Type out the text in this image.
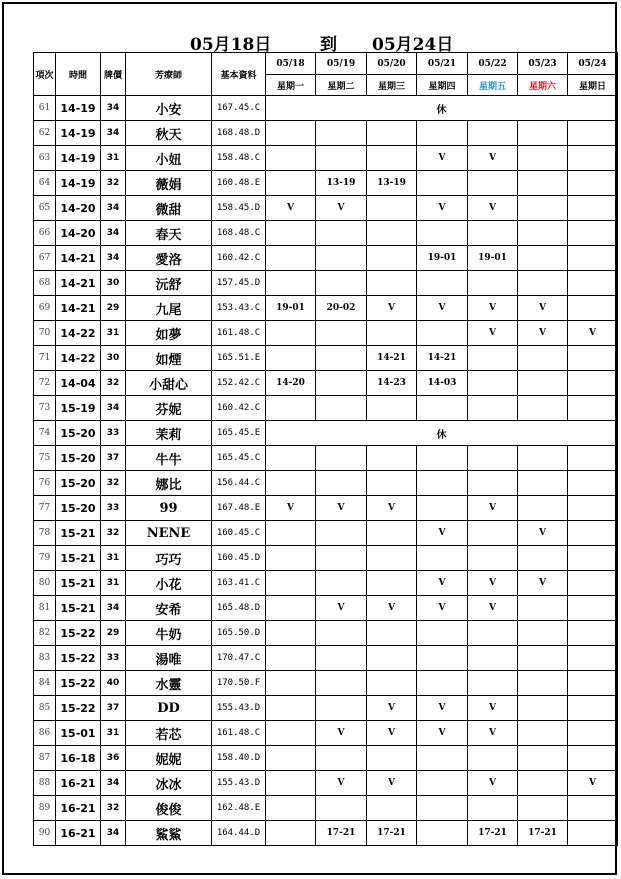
05月18日	到 05月24日
項次	時間	牌價	芳療師	基本資料	05/18	05/19	05/20	05/21	05/22	05/23	05/24
					星期一	星期二	星期三	星期四	星期五	星期六	星期日
61	14-19	34	小安	167.45.C	休						
62	14-19	34	秋天	168.48.D							
63	14-19	31	小妞	158.48.C				V	V		
64	14-19	32	薇娟	160.48.E		13-19	13-19				
65	14-20	34	微甜	158.45.D	V	V		V	V		
66	14-20	34	春天	168.48.C							
67	14-21	34	愛洛	160.42.C				19-01	19-01		
68	14-21	30	沅舒	157.45.D							
69	14-21	29	九尾	153.43.C	19-01	20-02	V	V	V	V	
70	14-22	31	如夢	161.48.C					V	V	V
71	14-22	30	如煙	165.51.E			14-21	14-21			
72	14-04	32	小甜心	152.42.C	14-20		14-23	14-03			
73	15-19	34	芬妮	160.42.C							
74	15-20	33	茉莉	165.45.E	休						
75	15-20	37	牛牛	165.45.C							
76	15-20	32	娜比	156.44.C							
77	15-20	33	99	167.48.E	V	V	V		V		
78	15-21	32	NENE	160.45.C				V		V	
79	15-21	31	巧巧	160.45.D							
80	15-21	31	小花	163.41.C				V	V	V	
81	15-21	34	安希	165.48.D		V	V	V	V		
82	15-22	29	牛奶	165.50.D							
83	15-22	33	湯唯	170.47.C							
84	15-22	40	水靈	170.50.F							
85	15-22	37	DD	155.43.D			V	V	V		
86	15-01	31	若芯	161.48.C		V	V	V	V		
87	16-18	36	妮妮	158.40.D							
88	16-21	34	冰冰	155.43.D		V	V		V		V
89	16-21	32	俊俊	162.48.E							
90	16-21	34	鯊鯊	164.44.D		17-21	17-21		17-21	17-21	
